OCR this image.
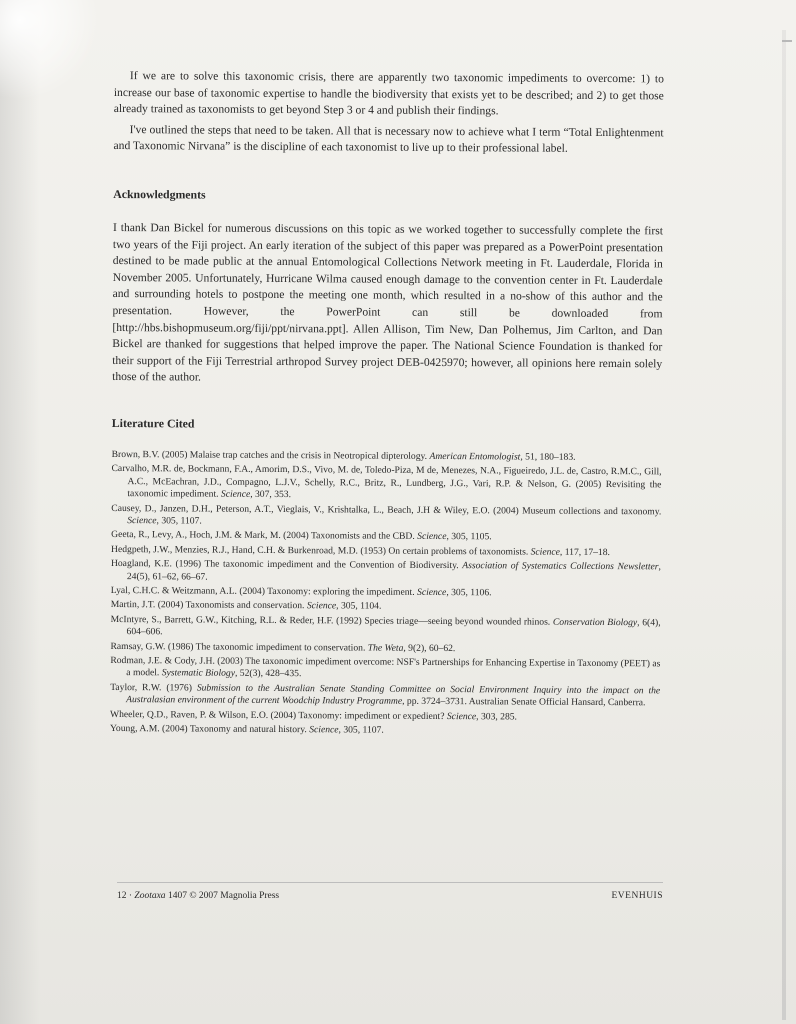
If we are to solve this taxonomic crisis, there are apparently two taxonomic impediments to overcome: 1) to increase our base of taxonomic expertise to handle the biodiversity that exists yet to be described; and 2) to get those already trained as taxonomists to get beyond Step 3 or 4 and publish their findings.

I've outlined the steps that need to be taken. All that is necessary now to achieve what I term “Total Enlightenment and Taxonomic Nirvana” is the discipline of each taxonomist to live up to their professional label.

Acknowledgments

I thank Dan Bickel for numerous discussions on this topic as we worked together to successfully complete the first two years of the Fiji project. An early iteration of the subject of this paper was prepared as a PowerPoint presentation destined to be made public at the annual Entomological Collections Network meeting in Ft. Lauderdale, Florida in November 2005. Unfortunately, Hurricane Wilma caused enough damage to the convention center in Ft. Lauderdale and surrounding hotels to postpone the meeting one month, which resulted in a no-show of this author and the presentation. However, the PowerPoint can still be downloaded from [http://hbs.bishopmuseum.org/fiji/ppt/nirvana.ppt]. Allen Allison, Tim New, Dan Polhemus, Jim Carlton, and Dan Bickel are thanked for suggestions that helped improve the paper. The National Science Foundation is thanked for their support of the Fiji Terrestrial arthropod Survey project DEB-0425970; however, all opinions here remain solely those of the author.

Literature Cited

Brown, B.V. (2005) Malaise trap catches and the crisis in Neotropical dipterology. American Entomologist, 51, 180–183.

Carvalho, M.R. de, Bockmann, F.A., Amorim, D.S., Vivo, M. de, Toledo-Piza, M de, Menezes, N.A., Figueiredo, J.L. de, Castro, R.M.C., Gill, A.C., McEachran, J.D., Compagno, L.J.V., Schelly, R.C., Britz, R., Lundberg, J.G., Vari, R.P. & Nelson, G. (2005) Revisiting the taxonomic impediment. Science, 307, 353.

Causey, D., Janzen, D.H., Peterson, A.T., Vieglais, V., Krishtalka, L., Beach, J.H & Wiley, E.O. (2004) Museum collections and taxonomy. Science, 305, 1107.

Geeta, R., Levy, A., Hoch, J.M. & Mark, M. (2004) Taxonomists and the CBD. Science, 305, 1105.

Hedgpeth, J.W., Menzies, R.J., Hand, C.H. & Burkenroad, M.D. (1953) On certain problems of taxonomists. Science, 117, 17–18.

Hoagland, K.E. (1996) The taxonomic impediment and the Convention of Biodiversity. Association of Systematics Collections Newsletter, 24(5), 61–62, 66–67.

Lyal, C.H.C. & Weitzmann, A.L. (2004) Taxonomy: exploring the impediment. Science, 305, 1106.

Martin, J.T. (2004) Taxonomists and conservation. Science, 305, 1104.

McIntyre, S., Barrett, G.W., Kitching, R.L. & Reder, H.F. (1992) Species triage—seeing beyond wounded rhinos. Conservation Biology, 6(4), 604–606.

Ramsay, G.W. (1986) The taxonomic impediment to conservation. The Weta, 9(2), 60–62.

Rodman, J.E. & Cody, J.H. (2003) The taxonomic impediment overcome: NSF's Partnerships for Enhancing Expertise in Taxonomy (PEET) as a model. Systematic Biology, 52(3), 428–435.

Taylor, R.W. (1976) Submission to the Australian Senate Standing Committee on Social Environment Inquiry into the impact on the Australasian environment of the current Woodchip Industry Programme, pp. 3724–3731. Australian Senate Official Hansard, Canberra.

Wheeler, Q.D., Raven, P. & Wilson, E.O. (2004) Taxonomy: impediment or expedient? Science, 303, 285.

Young, A.M. (2004) Taxonomy and natural history. Science, 305, 1107.

12 · Zootaxa 1407 © 2007 Magnolia Press	EVENHUIS
